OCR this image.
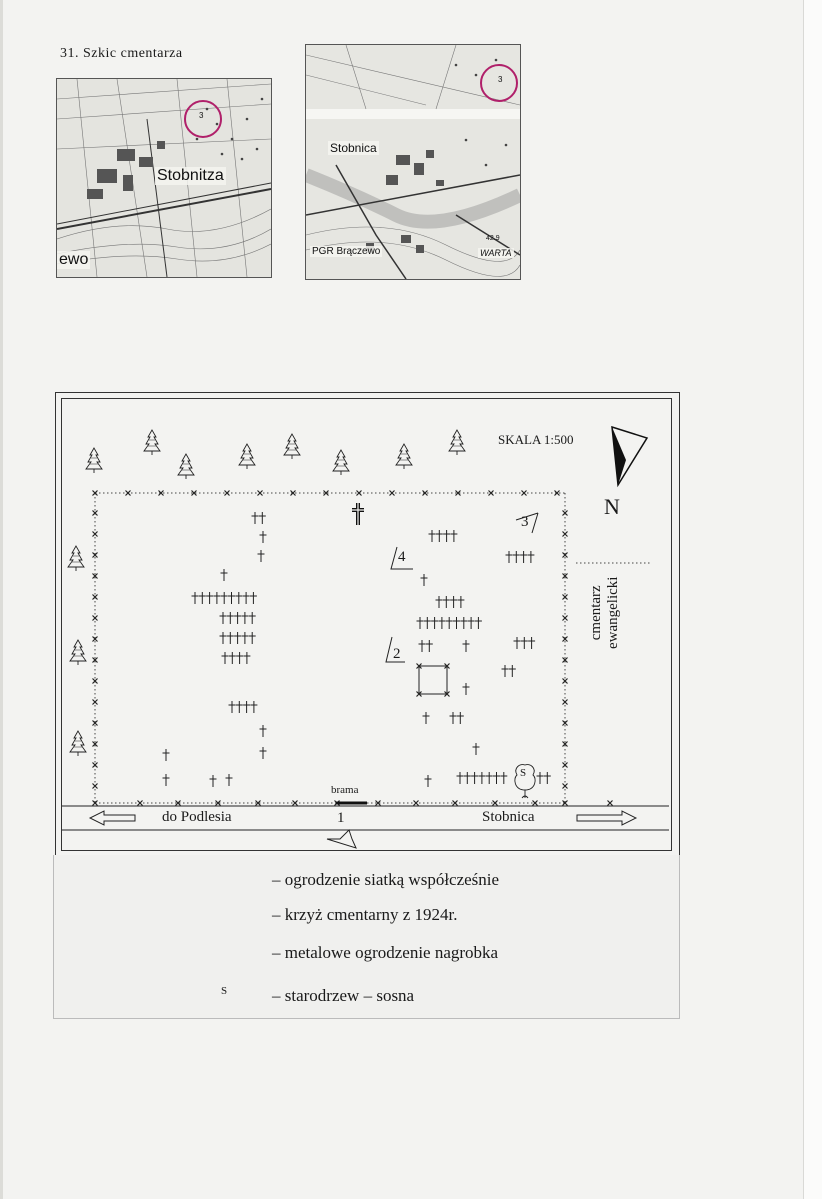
31. Szkic cmentarza
Stobnitza
ewo
3
Stobnica
PGR Brączewo	WARTA
42.9
3
SKALA 1:500
N
brama
do Podlesia	Stobnica
cmentarz ewangelicki
1
2
3
4
S
– ogrodzenie siatką współcześnie
– krzyż cmentarny z 1924r.
– metalowe ogrodzenie nagrobka
– starodrzew – sosna
S
